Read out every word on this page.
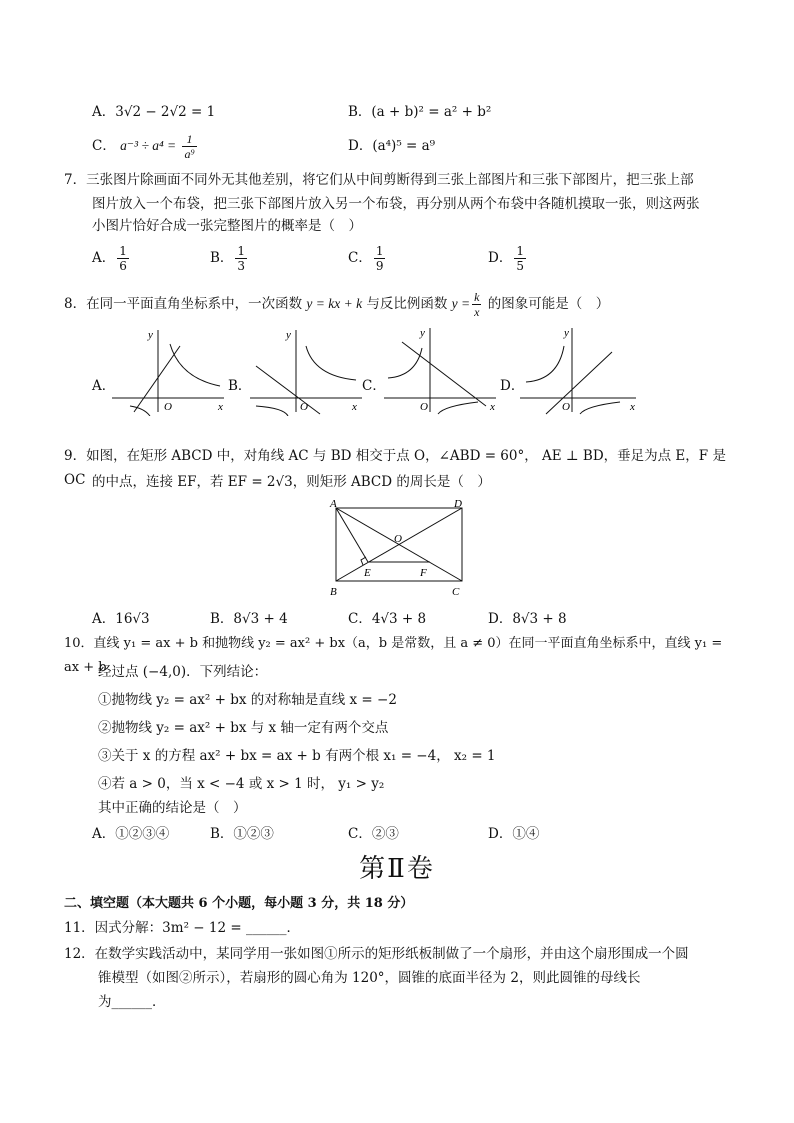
A．3√2 − 2√2 = 1	B．(a + b)² = a² + b²
C． $a^{-3} \div a^4 = \frac{1}{\text{a⁹}}$	D．(a⁴)⁵ = a⁹
7．三张图片除画面不同外无其他差别，将它们从中间剪断得到三张上部图片和三张下部图片，把三张上部
图片放入一个布袋，把三张下部图片放入另一个布袋，再分别从两个布袋中各随机摸取一张，则这两张
小图片恰好合成一张完整图片的概率是（　）
A． $\frac{1}{6}$	B． $\frac{1}{3}$	C． $\frac{1}{9}$	D． $\frac{1}{5}$
8．在同一平面直角坐标系中，一次函数 y = kx + k 与反比例函数 $y = \frac{k}{x}$ 的图象可能是（　）
A．
x
y
O
B．
x
y
O
C．
x
y
O
D．
x
y
O
9．如图，在矩形 ABCD 中，对角线 AC 与 BD 相交于点 O，∠ABD = 60°， AE ⊥ BD，垂足为点 E，F 是 OC 的中点，连接 EF，若 EF = 2√3，则矩形 ABCD 的周长是（　）
A
B	C
D
O
E	F
A．16√3	B．8√3 + 4	C．4√3 + 8	D．8√3 + 8
10．直线 y₁ = ax + b 和抛物线 y₂ = ax² + bx（a，b 是常数，且 a ≠ 0）在同一平面直角坐标系中，直线 y₁ = ax + b
经过点 (−4,0)．下列结论：
①抛物线 y₂ = ax² + bx 的对称轴是直线 x = −2
②抛物线 y₂ = ax² + bx 与 x 轴一定有两个交点
③关于 x 的方程 ax² + bx = ax + b 有两个根 x₁ = −4， x₂ = 1
④若 a > 0，当 x < −4 或 x > 1 时， y₁ > y₂
其中正确的结论是（　）
A．①②③④	B．①②③	C．②③	D．①④
第Ⅱ卷
二、填空题（本大题共 6 个小题，每小题 3 分，共 18 分）
11．因式分解：3m² − 12 = ______．
12．在数学实践活动中，某同学用一张如图①所示的矩形纸板制做了一个扇形，并由这个扇形围成一个圆
锥模型（如图②所示），若扇形的圆心角为 120°，圆锥的底面半径为 2，则此圆锥的母线长
为______．
